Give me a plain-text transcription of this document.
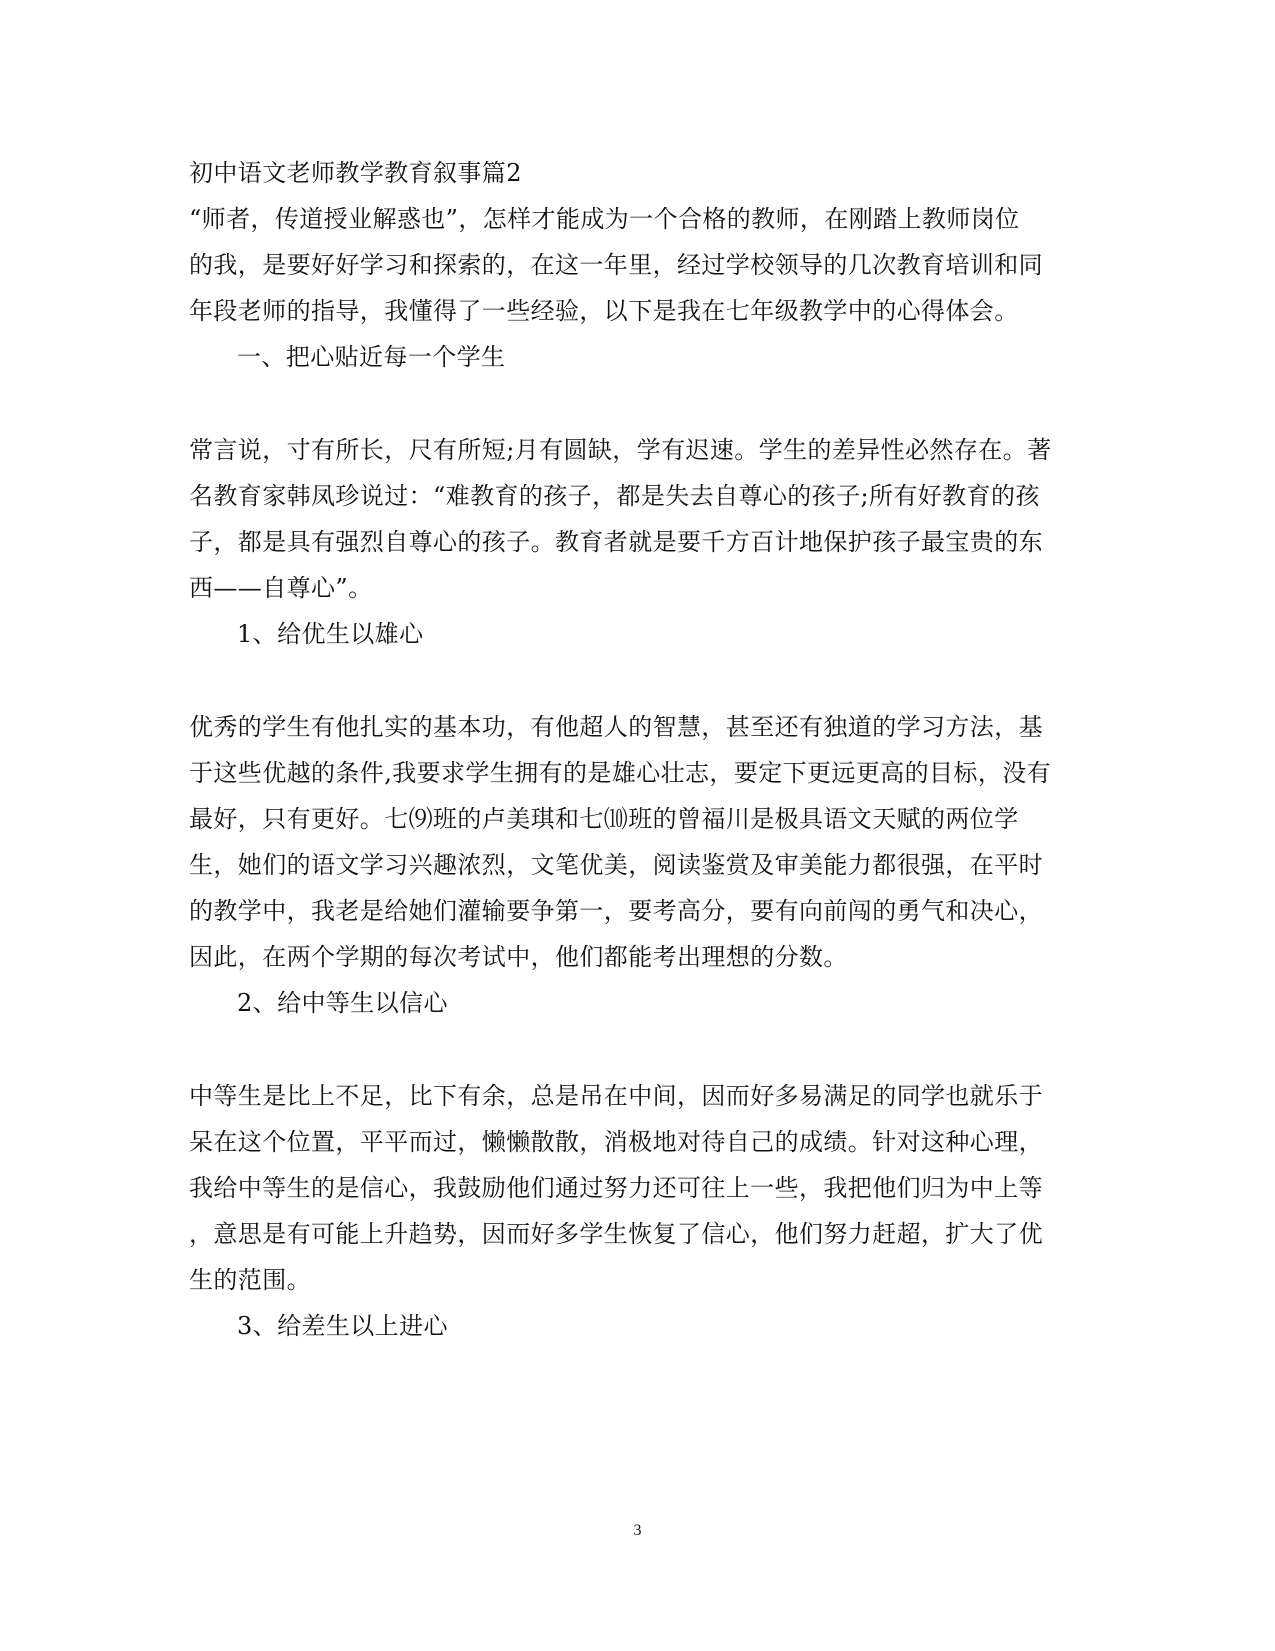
初中语文老师教学教育叙事篇2
“师者，传道授业解惑也”，怎样才能成为一个合格的教师，在刚踏上教师岗位
的我，是要好好学习和探索的，在这一年里，经过学校领导的几次教育培训和同
年段老师的指导，我懂得了一些经验，以下是我在七年级教学中的心得体会。
一、把心贴近每一个学生
常言说，寸有所长，尺有所短;月有圆缺，学有迟速。学生的差异性必然存在。著
名教育家韩凤珍说过：“难教育的孩子，都是失去自尊心的孩子;所有好教育的孩
子，都是具有强烈自尊心的孩子。教育者就是要千方百计地保护孩子最宝贵的东
西——自尊心”。
1、给优生以雄心
优秀的学生有他扎实的基本功，有他超人的智慧，甚至还有独道的学习方法，基
于这些优越的条件,我要求学生拥有的是雄心壮志，要定下更远更高的目标，没有
最好，只有更好。七⑼班的卢美琪和七⑽班的曾福川是极具语文天赋的两位学
生，她们的语文学习兴趣浓烈，文笔优美，阅读鉴赏及审美能力都很强，在平时
的教学中，我老是给她们灌输要争第一，要考高分，要有向前闯的勇气和决心，
因此，在两个学期的每次考试中，他们都能考出理想的分数。
2、给中等生以信心
中等生是比上不足，比下有余，总是吊在中间，因而好多易满足的同学也就乐于
呆在这个位置，平平而过，懒懒散散，消极地对待自己的成绩。针对这种心理，
我给中等生的是信心，我鼓励他们通过努力还可往上一些，我把他们归为中上等
，意思是有可能上升趋势，因而好多学生恢复了信心，他们努力赶超，扩大了优
生的范围。
3、给差生以上进心
3
